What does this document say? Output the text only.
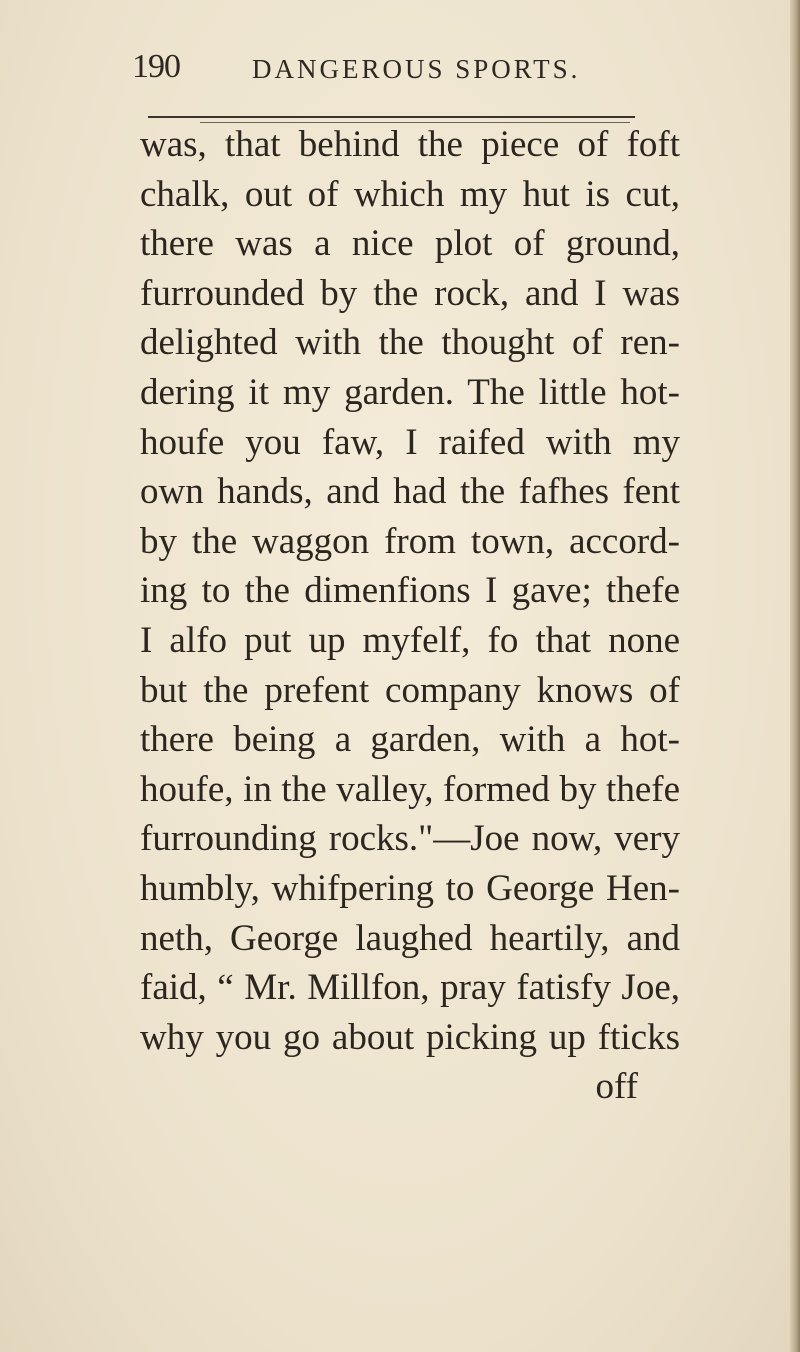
190	DANGEROUS SPORTS.
was, that behind the piece of foft
chalk, out of which my hut is cut,
there was a nice plot of ground,
furrounded by the rock, and I was
delighted with the thought of ren-
dering it my garden. The little hot-
houfe you faw, I raifed with my
own hands, and had the fafhes fent
by the waggon from town, accord-
ing to the dimenfions I gave; thefe
I alfo put up myfelf, fo that none
but the prefent company knows of
there being a garden, with a hot-
houfe, in the valley, formed by thefe
furrounding rocks."—Joe now, very
humbly, whifpering to George Hen-
neth, George laughed heartily, and
faid, “ Mr. Millfon, pray fatisfy Joe,
why you go about picking up fticks
off
